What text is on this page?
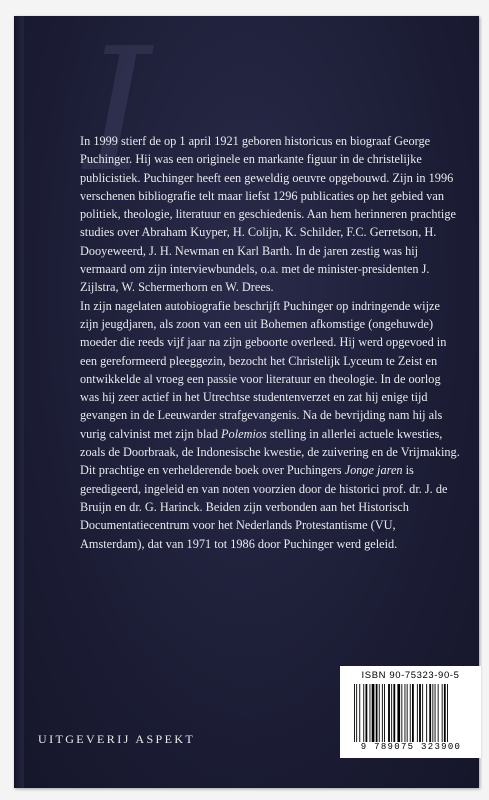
I

In 1999 stierf de op 1 april 1921 geboren historicus en biograaf George Puchinger. Hij was een originele en markante figuur in de christelijke publicistiek. Puchinger heeft een geweldig oeuvre opgebouwd. Zijn in 1996 verschenen bibliografie telt maar liefst 1296 publicaties op het gebied van politiek, theologie, literatuur en geschiedenis. Aan hem herinneren prachtige studies over Abraham Kuyper, H. Colijn, K. Schilder, F.C. Gerretson, H. Dooyeweerd, J. H. Newman en Karl Barth. In de jaren zestig was hij vermaard om zijn interviewbundels, o.a. met de minister-presidenten J. Zijlstra, W. Schermerhorn en W. Drees.

In zijn nagelaten autobiografie beschrijft Puchinger op indringende wijze zijn jeugdjaren, als zoon van een uit Bohemen afkomstige (ongehuwde) moeder die reeds vijf jaar na zijn geboorte overleed. Hij werd opgevoed in een gereformeerd pleeggezin, bezocht het Christelijk Lyceum te Zeist en ontwikkelde al vroeg een passie voor literatuur en theologie. In de oorlog was hij zeer actief in het Utrechtse studentenverzet en zat hij enige tijd gevangen in de Leeuwarder strafgevangenis. Na de bevrijding nam hij als vurig calvinist met zijn blad Polemios stelling in allerlei actuele kwesties, zoals de Doorbraak, de Indonesische kwestie, de zuivering en de Vrijmaking.

Dit prachtige en verhelderende boek over Puchingers Jonge jaren is geredigeerd, ingeleid en van noten voorzien door de historici prof. dr. J. de Bruijn en dr. G. Harinck. Beiden zijn verbonden aan het Historisch Documentatiecentrum voor het Nederlands Protestantisme (VU, Amsterdam), dat van 1971 tot 1986 door Puchinger werd geleid.

ISBN 90-75323-90-5
9 789075 323900
UITGEVERIJ ASPEKT
